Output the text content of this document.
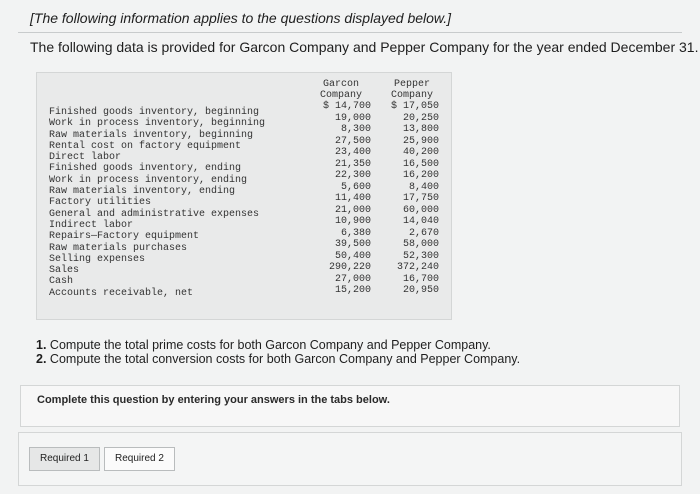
[The following information applies to the questions displayed below.]
The following data is provided for Garcon Company and Pepper Company for the year ended December 31.
Garcon
Company
Pepper
Company
Finished goods inventory, beginning
Work in process inventory, beginning
Raw materials inventory, beginning
Rental cost on factory equipment
Direct labor
Finished goods inventory, ending
Work in process inventory, ending
Raw materials inventory, ending
Factory utilities
General and administrative expenses
Indirect labor
Repairs—Factory equipment
Raw materials purchases
Selling expenses
Sales
Cash
Accounts receivable, net
$ 14,700
19,000
8,300
27,500
23,400
21,350
22,300
5,600
11,400
21,000
10,900
6,380
39,500
50,400
290,220
27,000
15,200
$ 17,050
20,250
13,800
25,900
40,200
16,500
16,200
8,400
17,750
60,000
14,040
2,670
58,000
52,300
372,240
16,700
20,950
1. Compute the total prime costs for both Garcon Company and Pepper Company.
2. Compute the total conversion costs for both Garcon Company and Pepper Company.
Complete this question by entering your answers in the tabs below.
Required 1	Required 2
